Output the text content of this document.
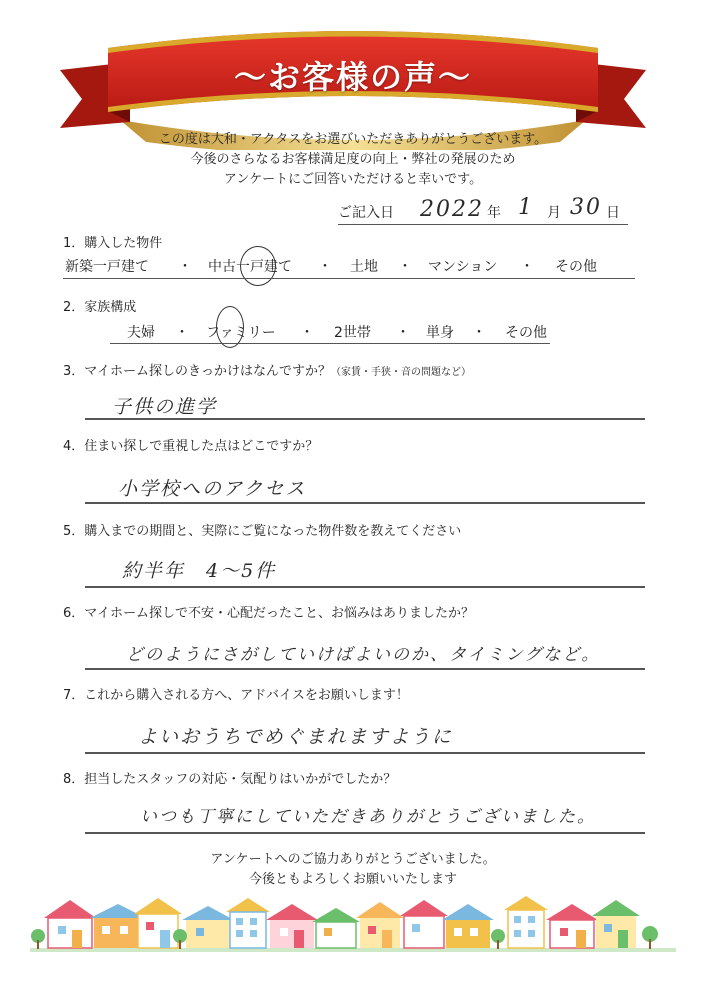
～お客様の声～
この度は大和・アクタスをお選びいただきありがとうございます。
今後のさらなるお客様満足度の向上・弊社の発展のため
アンケートにご回答いただけると幸いです。
ご記入日 2022 年 1 月 30 日
1．購入した物件
新築一戸建て ・ 中古一戸建て ・ 土地 ・ マンション ・ その他
2．家族構成
夫婦 ・ ファミリー ・ 2世帯 ・ 単身 ・ その他
3．マイホーム探しのきっかけはなんですか？（家賃・手狭・音の問題など）
子供の進学
4．住まい探しで重視した点はどこですか？
小学校へのアクセス
5．購入までの期間と、実際にご覧になった物件数を教えてください
約半年　4～5件
6．マイホーム探しで不安・心配だったこと、お悩みはありましたか？
どのようにさがしていけばよいのか、タイミングなど。
7．これから購入される方へ、アドバイスをお願いします！
よいおうちでめぐまれますように
8．担当したスタッフの対応・気配りはいかがでしたか？
いつも丁寧にしていただきありがとうございました。
アンケートへのご協力ありがとうございました。
今後ともよろしくお願いいたします
